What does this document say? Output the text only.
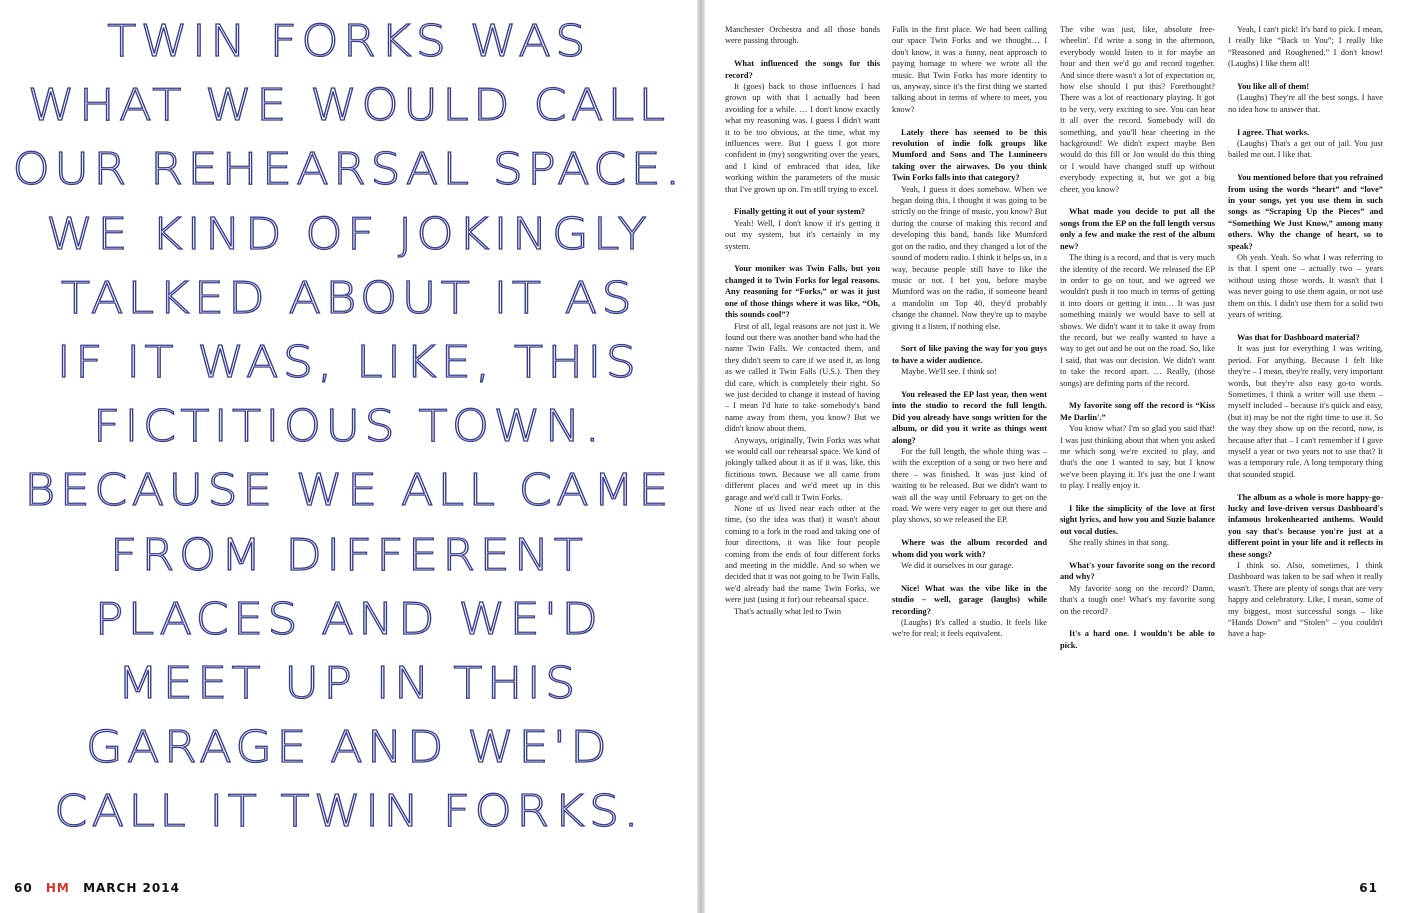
TWIN FORKS WAS
WHAT WE WOULD CALL
OUR REHEARSAL SPACE.
WE KIND OF JOKINGLY
TALKED ABOUT IT AS
IF IT WAS, LIKE, THIS
FICTITIOUS TOWN.
BECAUSE WE ALL CAME
FROM DIFFERENT
PLACES AND WE'D
MEET UP IN THIS
GARAGE AND WE'D
CALL IT TWIN FORKS.
60 HM MARCH 2014

Manchester Orchestra and all those bands were passing through.

What influenced the songs for this record?

It (goes) back to those influences I had grown up with that I actually had been avoiding for a while. … I don't know exactly what my reasoning was. I guess I didn't want it to be too obvious, at the time, what my influences were. But I guess I got more confident in (my) songwriting over the years, and I kind of embraced that idea, like working within the parameters of the music that I've grown up on. I'm still trying to excel.

Finally getting it out of your system?

Yeah! Well, I don't know if it's getting it out my system, but it's certainly in my system.

Your moniker was Twin Falls, but you changed it to Twin Forks for legal reasons. Any reasoning for “Forks,” or was it just one of those things where it was like, “Oh, this sounds cool”?

First of all, legal reasons are not just it. We found out there was another band who had the name Twin Falls. We contacted them, and they didn't seem to care if we used it, as long as we called it Twin Falls (U.S.). Then they did care, which is completely their right. So we just decided to change it instead of having – I mean I'd hate to take somebody's band name away from them, you know? But we didn't know about them.

Anyways, originally, Twin Forks was what we would call our rehearsal space. We kind of jokingly talked about it as if it was, like, this fictitious town. Because we all came from different places and we'd meet up in this garage and we'd call it Twin Forks.

None of us lived near each other at the time, (so the idea was that) it wasn't about coming to a fork in the road and taking one of four directions, it was like four people coming from the ends of four different forks and meeting in the middle. And so when we decided that it was not going to be Twin Falls, we'd already had the name Twin Forks, we were just (using it for) our rehearsal space.

That's actually what led to Twin

Falls in the first place. We had been calling our space Twin Forks and we thought… I don't know, it was a funny, neat approach to paying homage to where we wrote all the music. But Twin Forks has more identity to us, anyway, since it's the first thing we started talking about in terms of where to meet, you know?

Lately there has seemed to be this revolution of indie folk groups like Mumford and Sons and The Lumineers taking over the airwaves. Do you think Twin Forks falls into that category?

Yeah, I guess it does somehow. When we began doing this, I thought it was going to be strictly on the fringe of music, you know? But during the course of making this record and developing this band, bands like Mumford got on the radio, and they changed a lot of the sound of modern radio. I think it helps us, in a way, because people still have to like the music or not. I bet you, before maybe Mumford was on the radio, if someone heard a mandolin on Top 40, they'd probably change the channel. Now they're up to maybe giving it a listen, if nothing else.

Sort of like paving the way for you guys to have a wider audience.

Maybe. We'll see. I think so!

You released the EP last year, then went into the studio to record the full length. Did you already have songs written for the album, or did you it write as things went along?

For the full length, the whole thing was – with the exception of a song or two here and there – was finished. It was just kind of waiting to be released. But we didn't want to wait all the way until February to get on the road. We were very eager to get out there and play shows, so we released the EP.

Where was the album recorded and whom did you work with?

We did it ourselves in our garage.

Nice! What was the vibe like in the studio – well, garage (laughs) while recording?

(Laughs) It's called a studio. It feels like we're for real; it feels equivalent.

The vibe was just, like, absolute free-wheelin'. I'd write a song in the afternoon, everybody would listen to it for maybe an hour and then we'd go and record together. And since there wasn't a lot of expectation or, how else should I put this? Forethought? There was a lot of reactionary playing. It got to be very, very exciting to see. You can hear it all over the record. Somebody will do something, and you'll hear cheering in the background! We didn't expect maybe Ben would do this fill or Jon would do this thing or I would have changed stuff up without everybody expecting it, but we got a big cheer, you know?

What made you decide to put all the songs from the EP on the full length versus only a few and make the rest of the album new?

The thing is a record, and that is very much the identity of the record. We released the EP in order to go on tour, and we agreed we wouldn't push it too much in terms of getting it into doors or getting it into… It was just something mainly we would have to sell at shows. We didn't want it to take it away from the record, but we really wanted to have a way to get out and be out on the road. So, like I said, that was our decision. We didn't want to take the record apart. … Really, (those songs) are defining parts of the record.

My favorite song off the record is “Kiss Me Darlin'.”

You know what? I'm so glad you said that! I was just thinking about that when you asked me which song we're excited to play, and that's the one I wanted to say, but I know we've been playing it. It's just the one I want to play. I really enjoy it.

I like the simplicity of the love at first sight lyrics, and how you and Suzie balance out vocal duties.

She really shines in that song.

What's your favorite song on the record and why?

My favorite song on the record? Damn, that's a tough one! What's my favorite song on the record?

It's a hard one. I wouldn't be able to pick.

Yeah, I can't pick! It's hard to pick. I mean, I really like “Back to You”; I really like “Reasoned and Roughened.” I don't know! (Laughs) I like them all!

You like all of them!

(Laughs) They're all the best songs. I have no idea how to answer that.

I agree. That works.

(Laughs) That's a get out of jail. You just bailed me out. I like that.

You mentioned before that you refrained from using the words “heart” and “love” in your songs, yet you use them in such songs as “Scraping Up the Pieces” and “Something We Just Know,” among many others. Why the change of heart, so to speak?

Oh yeah. Yeah. So what I was referring to is that I spent one – actually two – years without using those words. It wasn't that I was never going to use them again, or not use them on this. I didn't use them for a solid two years of writing.

Was that for Dashboard material?

It was just for everything I was writing, period. For anything. Because I felt like they're – I mean, they're really, very important words, but they're also easy go-to words. Sometimes, I think a writer will use them – myself included – because it's quick and easy, (but it) may be not the right time to use it. So the way they show up on the record, now, is because after that – I can't remember if I gave myself a year or two years not to use that? It was a temporary rule. A long temporary thing that sounded stupid.

The album as a whole is more happy-go-lucky and love-driven versus Dashboard's infamous brokenhearted anthems. Would you say that's because you're just at a different point in your life and it reflects in these songs?

I think so. Also, sometimes, I think Dashboard was taken to be sad when it really wasn't. There are plenty of songs that are very happy and celebratory. Like, I mean, some of my biggest, most successful songs – like “Hands Down” and “Stolen” – you couldn't have a hap-

61
